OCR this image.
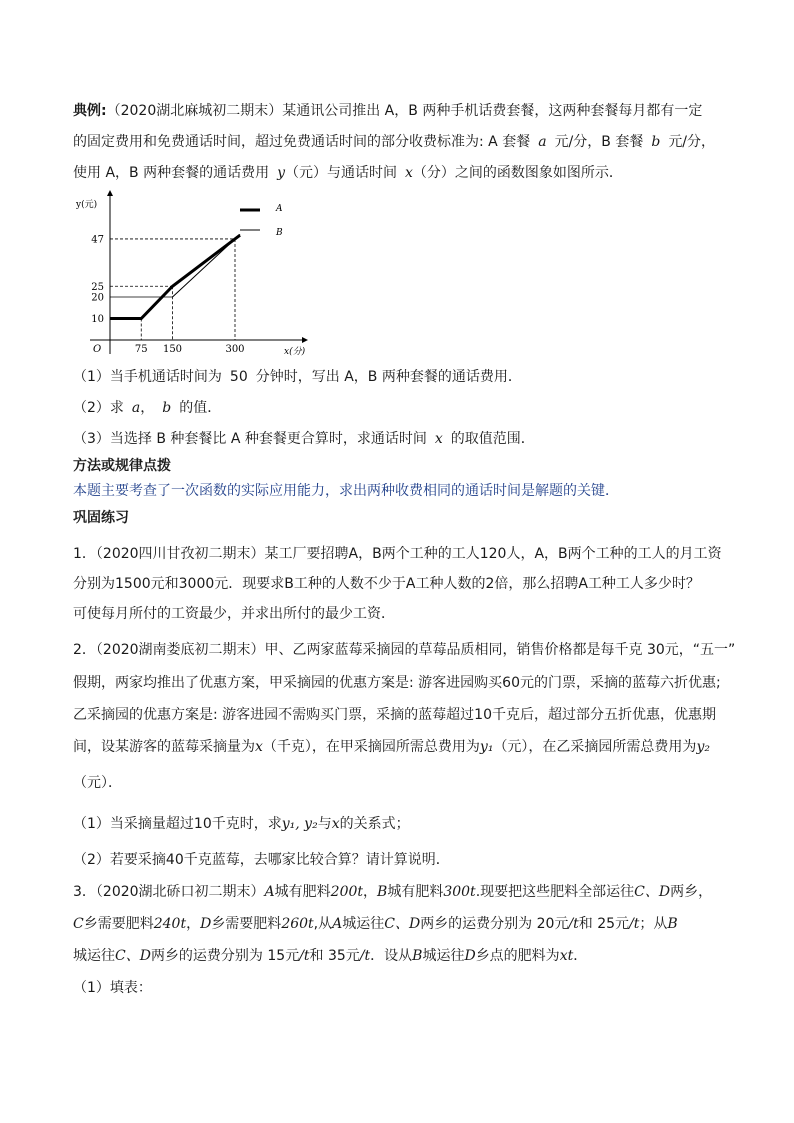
典例:（2020湖北麻城初二期末）某通讯公司推出 A，B 两种手机话费套餐，这两种套餐每月都有一定
的固定费用和免费通话时间，超过免费通话时间的部分收费标准为: A 套餐 a 元/分，B 套餐 b 元/分，
使用 A，B 两种套餐的通话费用 y（元）与通话时间 x（分）之间的函数图象如图所示．
y(元)
x(分)
O
10
20
25
47
75 150	300
A
B
（1）当手机通话时间为 50 分钟时，写出 A，B 两种套餐的通话费用．
（2）求 a， b 的值．
（3）当选择 B 种套餐比 A 种套餐更合算时，求通话时间 x 的取值范围．
方法或规律点拨
本题主要考查了一次函数的实际应用能力，求出两种收费相同的通话时间是解题的关键．
巩固练习
1．（2020四川甘孜初二期末）某工厂要招聘A，B两个工种的工人120人，A，B两个工种的工人的月工资
分别为1500元和3000元．现要求B工种的人数不少于A工种人数的2倍，那么招聘A工种工人多少时？
可使每月所付的工资最少，并求出所付的最少工资．
2．（2020湖南娄底初二期末）甲、乙两家蓝莓采摘园的草莓品质相同，销售价格都是每千克 30元，“五一”
假期，两家均推出了优惠方案，甲采摘园的优惠方案是: 游客进园购买60元的门票，采摘的蓝莓六折优惠;
乙采摘园的优惠方案是: 游客进园不需购买门票，采摘的蓝莓超过10千克后，超过部分五折优惠，优惠期
间，设某游客的蓝莓采摘量为x（千克），在甲采摘园所需总费用为y₁（元），在乙采摘园所需总费用为y₂
（元）．
（1）当采摘量超过10千克时，求y₁, y₂与x的关系式；
（2）若要采摘40千克蓝莓，去哪家比较合算？请计算说明．
3．（2020湖北硚口初二期末）A城有肥料200t，B城有肥料300t.现要把这些肥料全部运往C、D两乡，
C乡需要肥料240t，D乡需要肥料260t,从A城运往C、D两乡的运费分别为 20元/t和 25元/t；从B
城运往C、D两乡的运费分别为 15元/t和 35元/t．设从B城运往D乡点的肥料为xt．
（1）填表：
